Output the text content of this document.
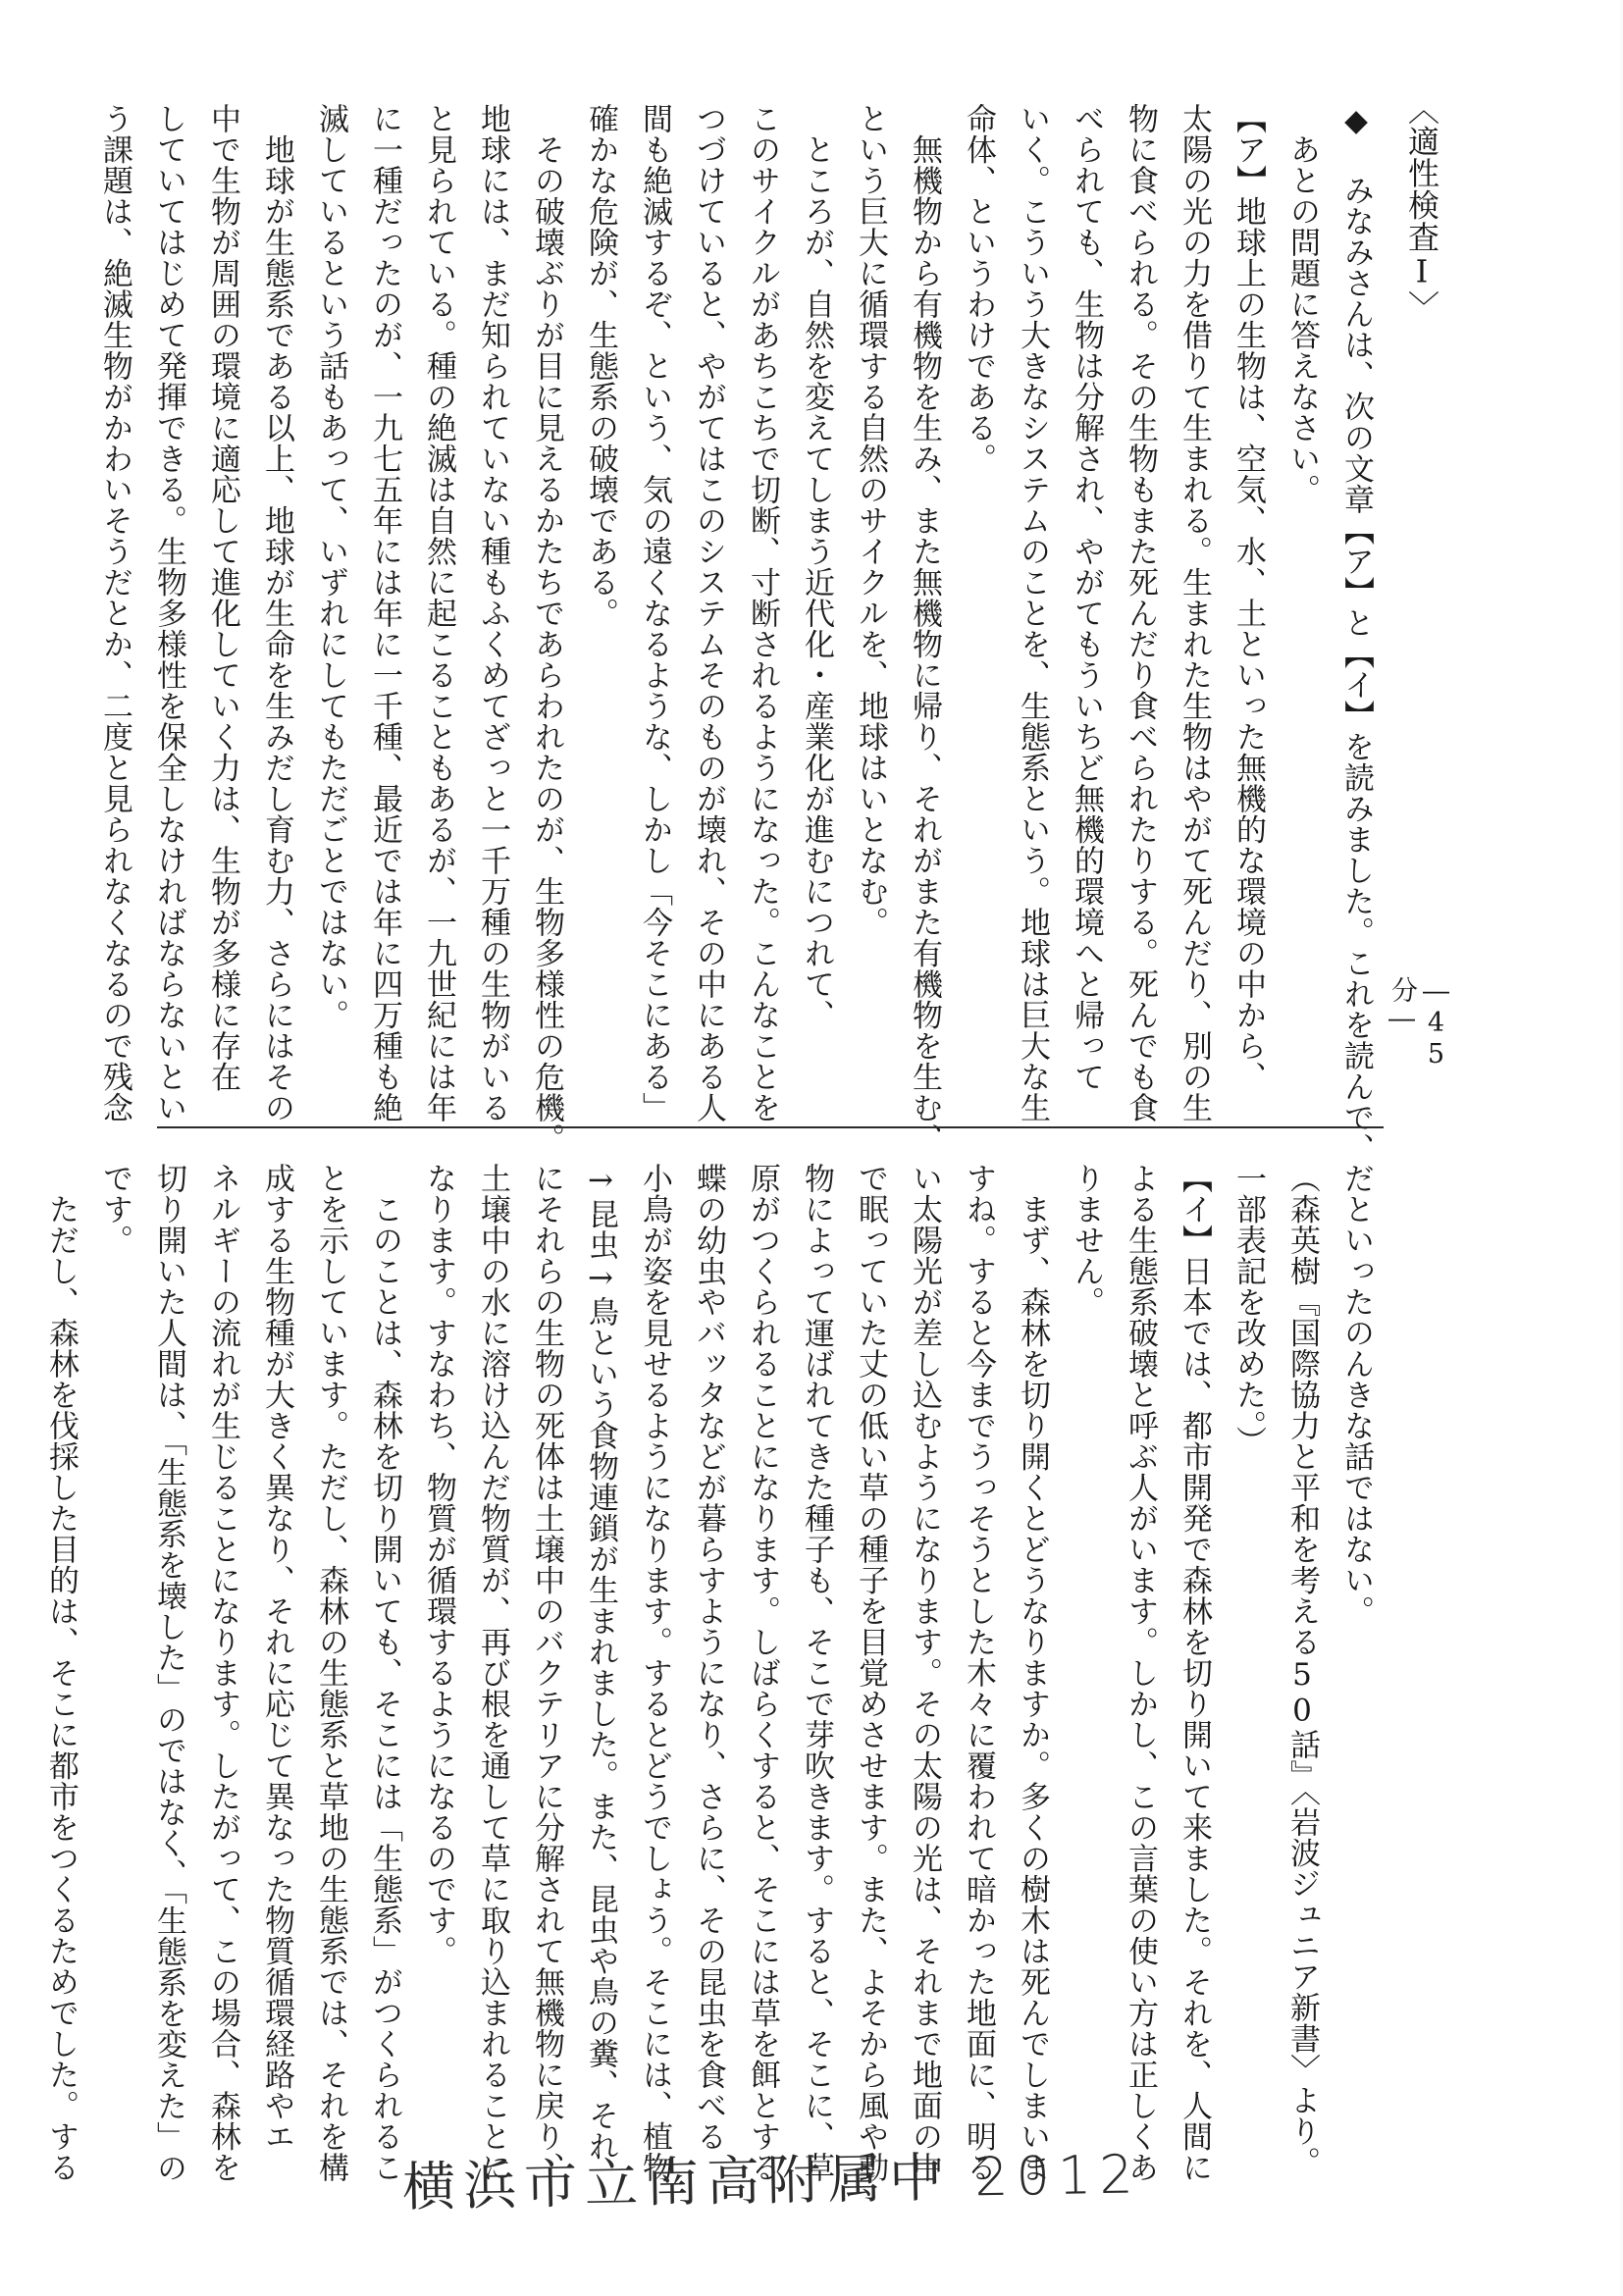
〈適性検査Ⅰ〉
◆ みなみさんは、次の文章【ア】と【イ】を読みました。これを読んで、
　あとの問題に答えなさい。
【ア】地球上の生物は、空気、水、土といった無機的な環境の中から、
太陽の光の力を借りて生まれる。生まれた生物はやがて死んだり、別の生
物に食べられる。その生物もまた死んだり食べられたりする。死んでも食
べられても、生物は分解され、やがてもういちど無機的環境へと帰って
いく。こういう大きなシステムのことを、生態系という。地球は巨大な生
命体、というわけである。
　無機物から有機物を生み、また無機物に帰り、それがまた有機物を生む、
という巨大に循環する自然のサイクルを、地球はいとなむ。
　ところが、自然を変えてしまう近代化・産業化が進むにつれて、
このサイクルがあちこちで切断、寸断されるようになった。こんなことを
つづけていると、やがてはこのシステムそのものが壊れ、その中にある人
間も絶滅するぞ、という、気の遠くなるような、しかし「今そこにある」
確かな危険が、生態系の破壊である。
　その破壊ぶりが目に見えるかたちであらわれたのが、生物多様性の危機。
地球には、まだ知られていない種もふくめてざっと一千万種の生物がいる
と見られている。種の絶滅は自然に起こることもあるが、一九世紀には年
に一種だったのが、一九七五年には年に一千種、最近では年に四万種も絶
滅しているという話もあって、いずれにしてもただごとではない。
　地球が生態系である以上、地球が生命を生みだし育む力、さらにはその
中で生物が周囲の環境に適応して進化していく力は、生物が多様に存在
していてはじめて発揮できる。生物多様性を保全しなければならないとい
う課題は、絶滅生物がかわいそうだとか、二度と見られなくなるので残念	―45分―
だといったのんきな話ではない。
（森英樹『国際協力と平和を考える50話』〈岩波ジュニア新書〉より。
一部表記を改めた。）
【イ】日本では、都市開発で森林を切り開いて来ました。それを、人間に
よる生態系破壊と呼ぶ人がいます。しかし、この言葉の使い方は正しくあ
りません。
　まず、森林を切り開くとどうなりますか。多くの樹木は死んでしまいま
すね。すると今までうっそうとした木々に覆われて暗かった地面に、明る
い太陽光が差し込むようになります。その太陽の光は、それまで地面の中
で眠っていた丈の低い草の種子を目覚めさせます。また、よそから風や動
物によって運ばれてきた種子も、そこで芽吹きます。すると、そこに、草
原がつくられることになります。しばらくすると、そこには草を餌とする
蝶の幼虫やバッタなどが暮らすようになり、さらに、その昆虫を食べる
小鳥が姿を見せるようになります。するとどうでしょう。そこには、植物
→昆虫→鳥という食物連鎖が生まれました。また、昆虫や鳥の糞、それ
にそれらの生物の死体は土壌中のバクテリアに分解されて無機物に戻り、
土壌中の水に溶け込んだ物質が、再び根を通して草に取り込まれることに
なります。すなわち、物質が循環するようになるのです。
　このことは、森林を切り開いても、そこには「生態系」がつくられるこ
とを示しています。ただし、森林の生態系と草地の生態系では、それを構
成する生物種が大きく異なり、それに応じて異なった物質循環経路やエ
ネルギーの流れが生じることになります。したがって、この場合、森林を
切り開いた人間は、「生態系を壊した」のではなく、「生態系を変えた」の
です。
　ただし、森林を伐採した目的は、そこに都市をつくるためでした。する	横浜市立南高附属中 2012
